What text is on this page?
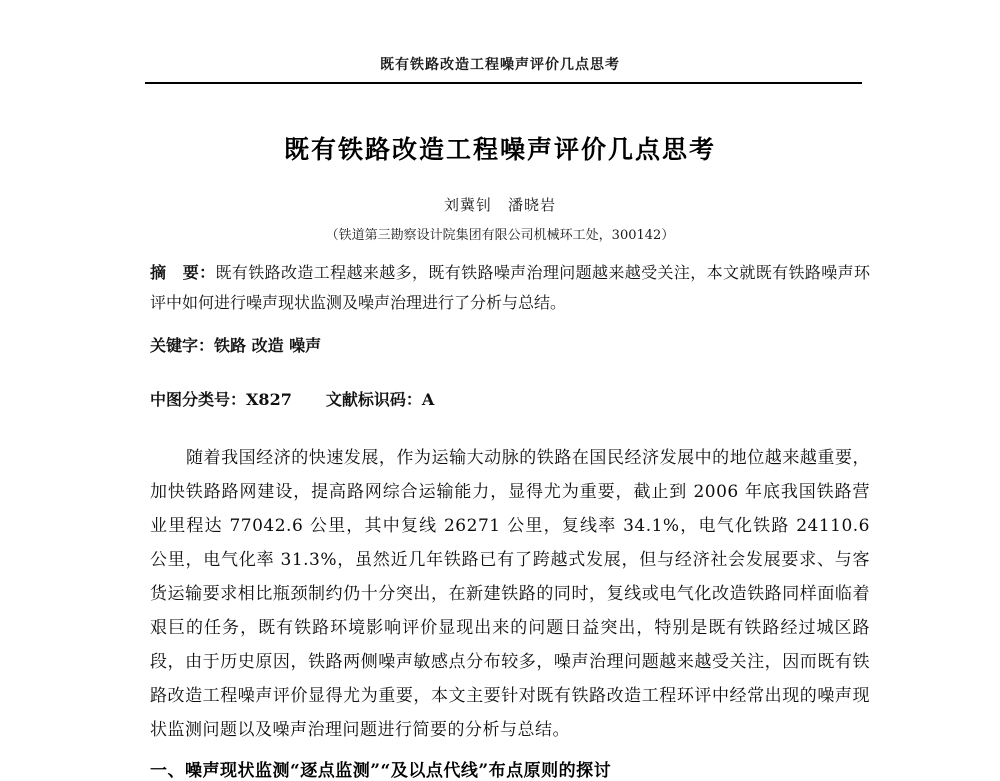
既有铁路改造工程噪声评价几点思考
既有铁路改造工程噪声评价几点思考
刘冀钊　潘晓岩
（铁道第三勘察设计院集团有限公司机械环工处，300142）

摘　要：既有铁路改造工程越来越多，既有铁路噪声治理问题越来越受关注，本文就既有铁路噪声环评中如何进行噪声现状监测及噪声治理进行了分析与总结。

关键字：铁路 改造 噪声

中图分类号：X827 文献标识码：A

随着我国经济的快速发展，作为运输大动脉的铁路在国民经济发展中的地位越来越重要，加快铁路路网建设，提高路网综合运输能力，显得尤为重要，截止到 2006 年底我国铁路营业里程达 77042.6 公里，其中复线 26271 公里，复线率 34.1%，电气化铁路 24110.6 公里，电气化率 31.3%，虽然近几年铁路已有了跨越式发展，但与经济社会发展要求、与客货运输要求相比瓶颈制约仍十分突出，在新建铁路的同时，复线或电气化改造铁路同样面临着艰巨的任务，既有铁路环境影响评价显现出来的问题日益突出，特别是既有铁路经过城区路段，由于历史原因，铁路两侧噪声敏感点分布较多，噪声治理问题越来越受关注，因而既有铁路改造工程噪声评价显得尤为重要，本文主要针对既有铁路改造工程环评中经常出现的噪声现状监测问题以及噪声治理问题进行简要的分析与总结。

一、噪声现状监测“逐点监测”“及以点代线”布点原则的探讨
